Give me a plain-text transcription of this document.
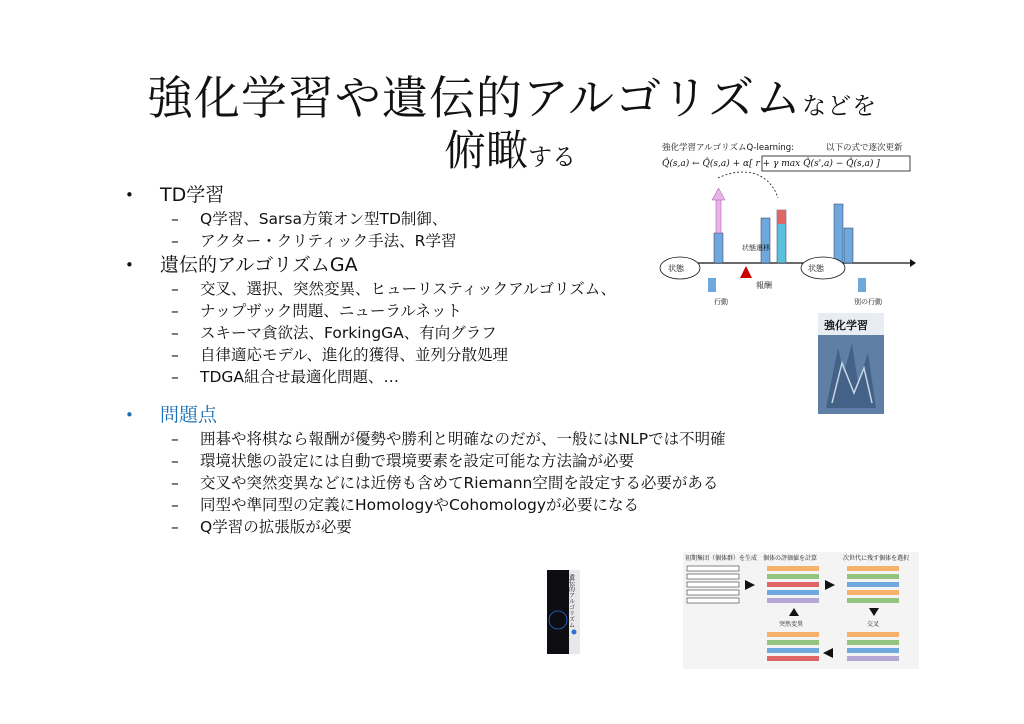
強化学習や遺伝的アルゴリズムなどを
俯瞰する
• TD学習
– Q学習、Sarsa方策オン型TD制御、
– アクター・クリティック手法、R学習
• 遺伝的アルゴリズムGA
– 交叉、選択、突然変異、ヒューリスティックアルゴリズム、
– ナップザック問題、ニューラルネット
– スキーマ貪欲法、ForkingGA、有向グラフ
– 自律適応モデル、進化的獲得、並列分散処理
– TDGA組合せ最適化問題、…
• 問題点
– 囲碁や将棋なら報酬が優勢や勝利と明確なのだが、一般にはNLPでは不明確
– 環境状態の設定には自動で環境要素を設定可能な方法論が必要
– 交叉や突然変異などには近傍も含めてRiemann空間を設定する必要がある
– 同型や準同型の定義にHomologyやCohomologyが必要になる
– Q学習の拡張版が必要
強化学習アルゴリズムQ-learning:	以下の式で逐次更新
Q̂(s,a) ← Q̂(s,a) + α[ r + γ max Q̂(s',a) − Q̂(s,a) ]
状態	状態
状態遷移
報酬
行動	別の行動
強化学習
遺伝的アルゴリズム
初期集団（個体群）を生成 個体の評価値を計算	次世代に残す個体を選択
突然変異	交叉
